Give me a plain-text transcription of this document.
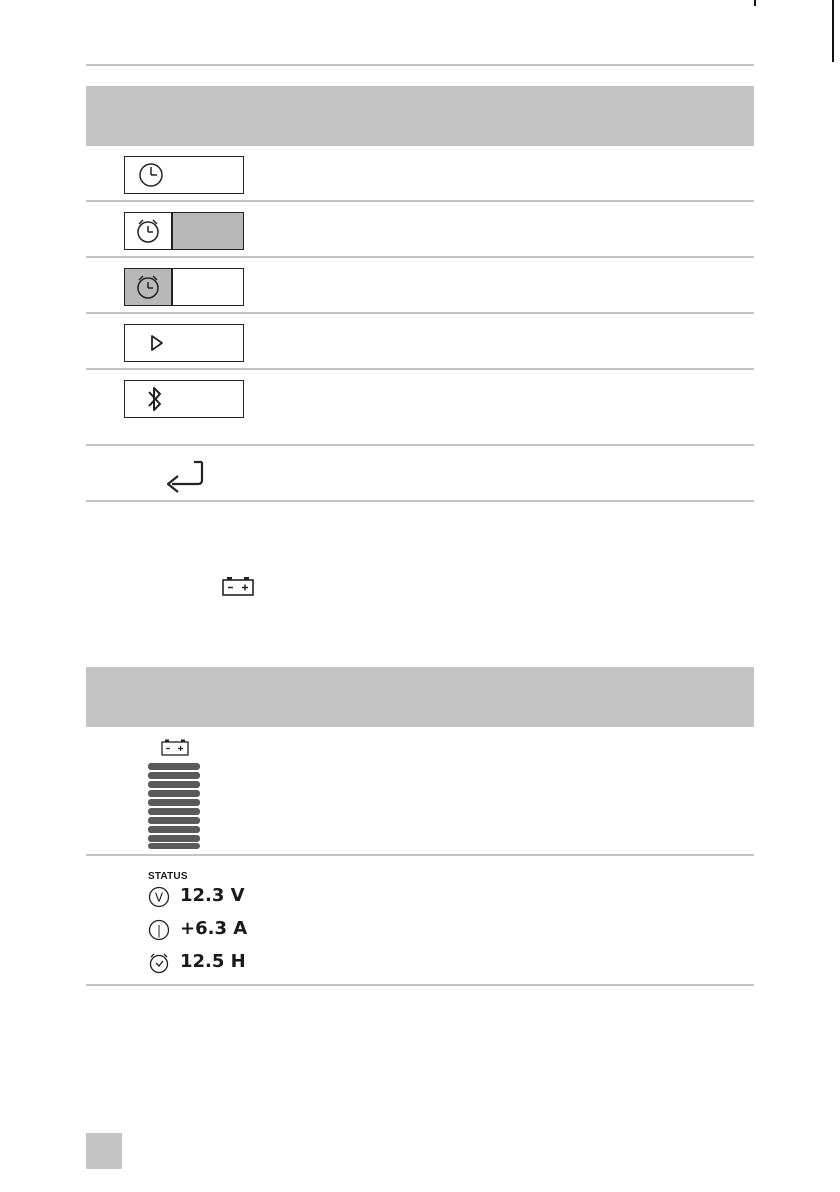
STATUS
V 12.3 V
| +6.3 A
12.5 H
